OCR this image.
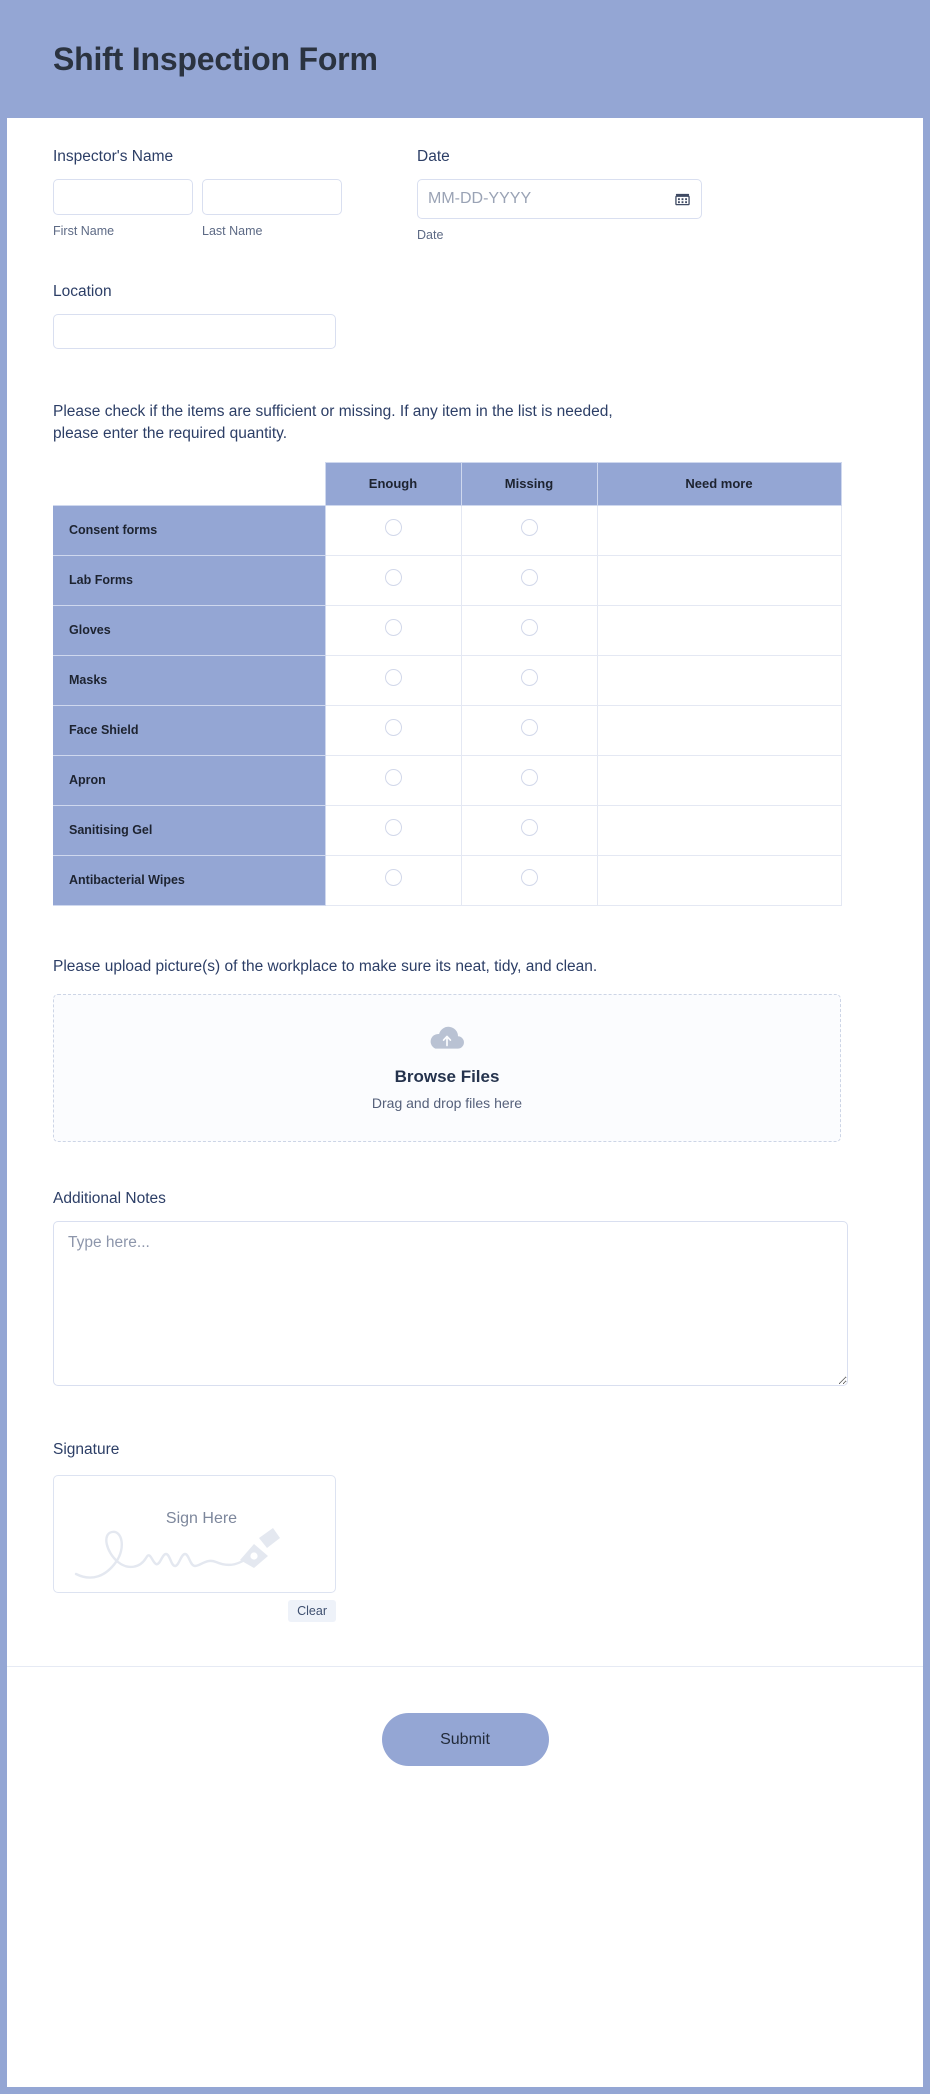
Shift Inspection Form
Inspector's Name
First Name	Last Name
Date
MM-DD-YYYY
Date
Location
Please check if the items are sufficient or missing. If any item in the list is needed, please enter the required quantity.
	Enough	Missing	Need more
Consent forms			
Lab Forms			
Gloves			
Masks			
Face Shield			
Apron			
Sanitising Gel			
Antibacterial Wipes			
Please upload picture(s) of the workplace to make sure its neat, tidy, and clean.
Browse Files
Drag and drop files here
Additional Notes
Type here...
Signature
Sign Here
Clear
Submit
